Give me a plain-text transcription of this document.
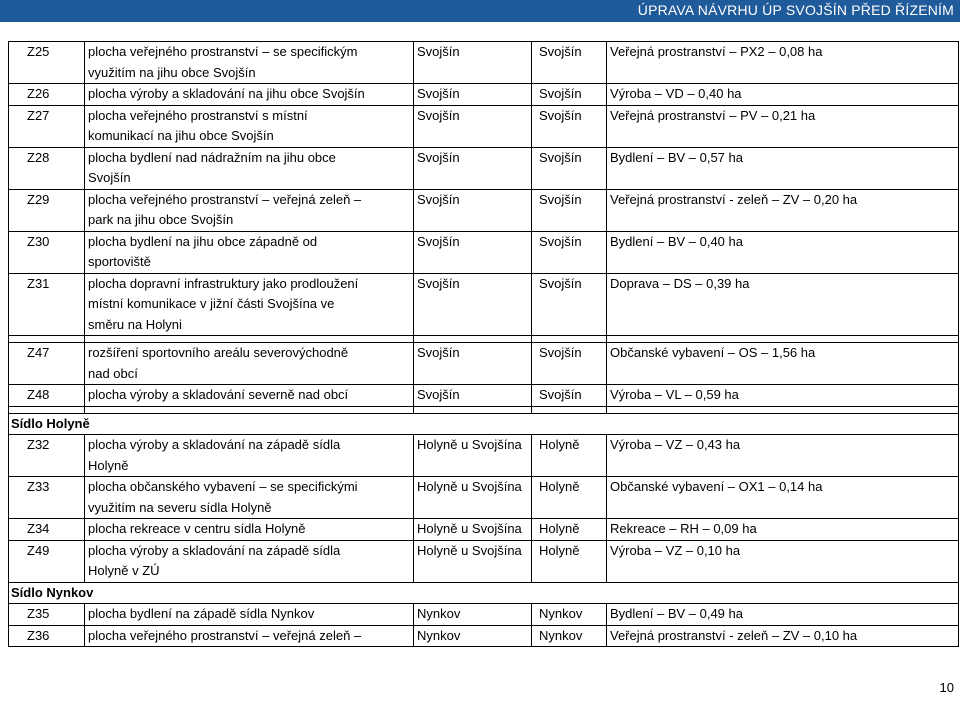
ÚPRAVA NÁVRHU ÚP SVOJŠÍN PŘED ŘÍZENÍM
Z25	plocha veřejného prostranství – se specifickým
využitím na jihu obce Svojšín	Svojšín	Svojšín	Veřejná prostranství – PX2 – 0,08 ha
Z26	plocha výroby a skladování na jihu obce Svojšín	Svojšín	Svojšín	Výroba – VD – 0,40 ha
Z27	plocha veřejného prostranství s místní
komunikací na jihu obce Svojšín	Svojšín	Svojšín	Veřejná prostranství – PV – 0,21 ha
Z28	plocha bydlení nad nádražním na jihu obce
Svojšín	Svojšín	Svojšín	Bydlení – BV – 0,57 ha
Z29	plocha veřejného prostranství – veřejná zeleň –
park na jihu obce Svojšín	Svojšín	Svojšín	Veřejná prostranství - zeleň – ZV – 0,20 ha
Z30	plocha bydlení na jihu obce západně od
sportoviště	Svojšín	Svojšín	Bydlení – BV – 0,40 ha
Z31	plocha dopravní infrastruktury jako prodloužení
místní komunikace v jižní části Svojšína ve
směru na Holyni	Svojšín	Svojšín	Doprava – DS – 0,39 ha

Z47	rozšíření sportovního areálu severovýchodně
nad obcí	Svojšín	Svojšín	Občanské vybavení – OS – 1,56 ha
Z48	plocha výroby a skladování severně nad obcí	Svojšín	Svojšín	Výroba – VL – 0,59 ha

Sídlo Holyně				
Z32	plocha výroby a skladování na západě sídla
Holyně	Holyně u Svojšína	Holyně	Výroba – VZ – 0,43 ha
Z33	plocha občanského vybavení – se specifickými
využitím na severu sídla Holyně	Holyně u Svojšína	Holyně	Občanské vybavení – OX1 – 0,14 ha
Z34	plocha rekreace v centru sídla Holyně	Holyně u Svojšína	Holyně	Rekreace – RH – 0,09 ha
Z49	plocha výroby a skladování na západě sídla
Holyně v ZÚ	Holyně u Svojšína	Holyně	Výroba – VZ – 0,10 ha
Sídlo Nynkov				
Z35	plocha bydlení na západě sídla Nynkov	Nynkov	Nynkov	Bydlení – BV – 0,49 ha
Z36	plocha veřejného prostranství – veřejná zeleň –	Nynkov	Nynkov	Veřejná prostranství - zeleň – ZV – 0,10 ha
10
